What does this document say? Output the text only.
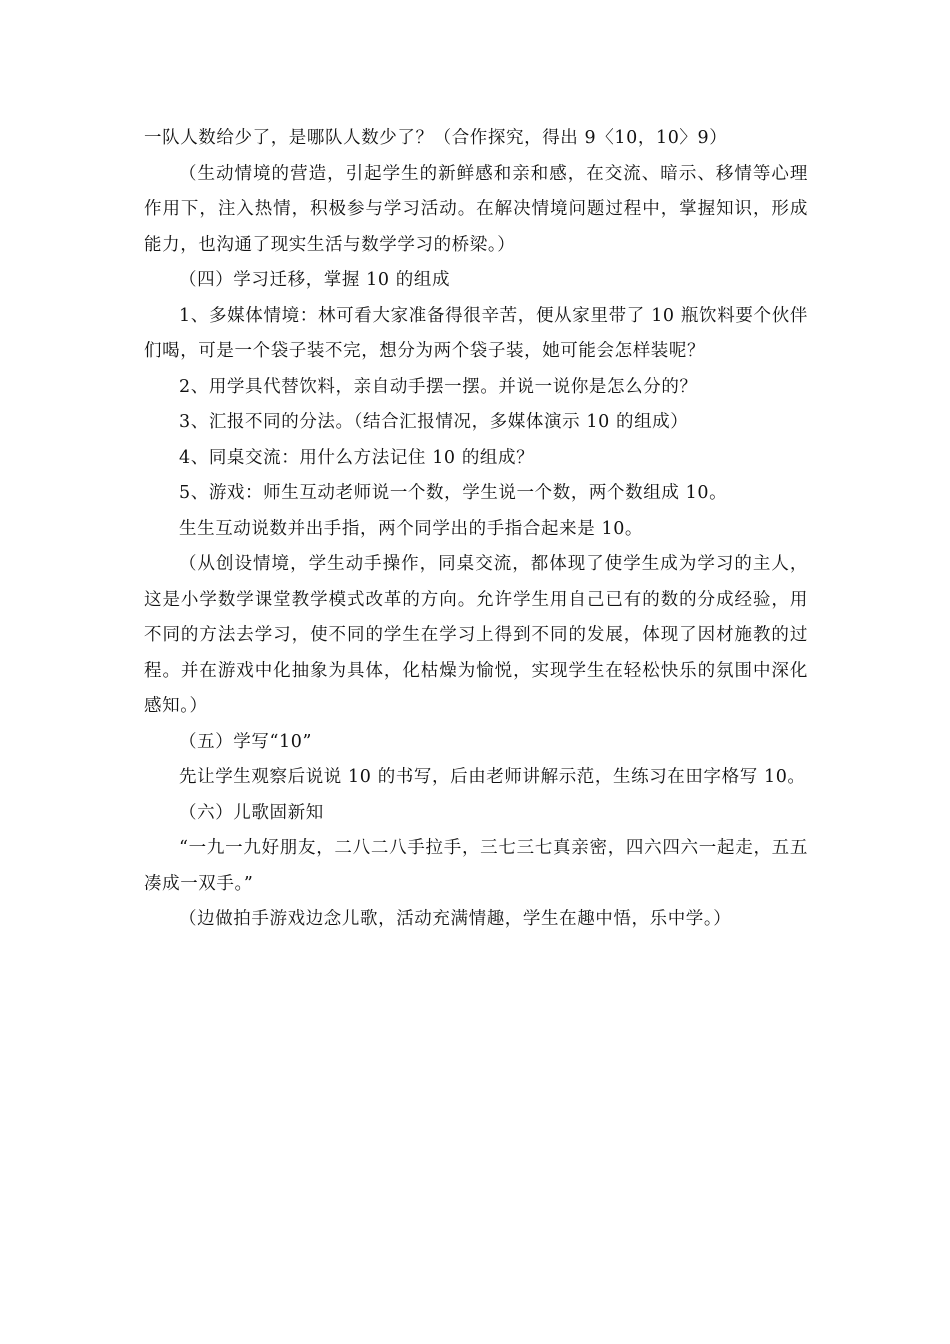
一队人数给少了，是哪队人数少了？（合作探究，得出 9〈10，10〉9）

（生动情境的营造，引起学生的新鲜感和亲和感，在交流、暗示、移情等心理作用下，注入热情，积极参与学习活动。在解决情境问题过程中，掌握知识，形成能力，也沟通了现实生活与数学学习的桥梁。）

（四）学习迁移，掌握 10 的组成

1、多媒体情境：林可看大家准备得很辛苦，便从家里带了 10 瓶饮料要个伙伴们喝，可是一个袋子装不完，想分为两个袋子装，她可能会怎样装呢？

2、用学具代替饮料，亲自动手摆一摆。并说一说你是怎么分的？

3、汇报不同的分法。（结合汇报情况，多媒体演示 10 的组成）

4、同桌交流：用什么方法记住 10 的组成？

5、游戏：师生互动老师说一个数，学生说一个数，两个数组成 10。

生生互动说数并出手指，两个同学出的手指合起来是 10。

（从创设情境，学生动手操作，同桌交流，都体现了使学生成为学习的主人，这是小学数学课堂教学模式改革的方向。允许学生用自己已有的数的分成经验，用不同的方法去学习，使不同的学生在学习上得到不同的发展，体现了因材施教的过程。并在游戏中化抽象为具体，化枯燥为愉悦，实现学生在轻松快乐的氛围中深化感知。）

（五）学写“10”

先让学生观察后说说 10 的书写，后由老师讲解示范，生练习在田字格写 10。

（六）儿歌固新知

“一九一九好朋友，二八二八手拉手，三七三七真亲密，四六四六一起走，五五凑成一双手。”

（边做拍手游戏边念儿歌，活动充满情趣，学生在趣中悟，乐中学。）
